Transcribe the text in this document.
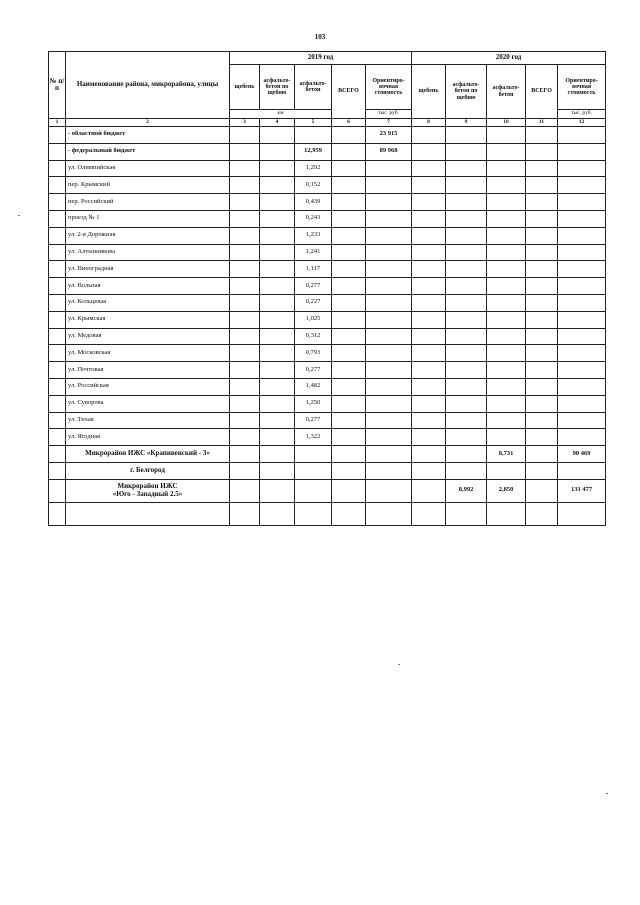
103
№ п/п	Наименование района, микрорайона, улицы	2019 год					2020 год				
		щебень	асфальто-бетон по щебню	асфальто-бетон	ВСЕГО	Ориентиро-вочная стоимость	щебень	асфальто-бетон по щебню	асфальто-бетон	ВСЕГО	Ориентиро-вочная стоимость
		км				тыс. руб.					тыс. руб.
1	2	3	4	5	6	7	8	9	10	11	12
	- областной бюджет					23 915					
	- федеральный бюджет			12,959		89 968					
	ул. Олимпийская			1,292							
	пер. Крымский			0,152							
	пер. Российский			0,439							
	проезд № 1			0,243							
	ул. 2-я Дорожная			1,233							
	ул. Алтынникова			1,241							
	ул. Виноградная			1,117							
	ул. Вольная			0,277							
	ул. Кольцевая			0,227							
	ул. Крымская			1,025							
	ул. Медовая			0,312							
	ул. Московская			0,793							
	ул. Почтовая			0,277							
	ул. Российская			1,482							
	ул. Суворова			1,250							
	ул. Тихая			0,277							
	ул. Ягодная			1,322							
	Микрорайон ИЖС «Крапивенский - 3»								8,731		90 469
	г. Белгород										

	Микрорайон ИЖС
«Юго - Западный 2.5»							8,992	2,850		131 477
